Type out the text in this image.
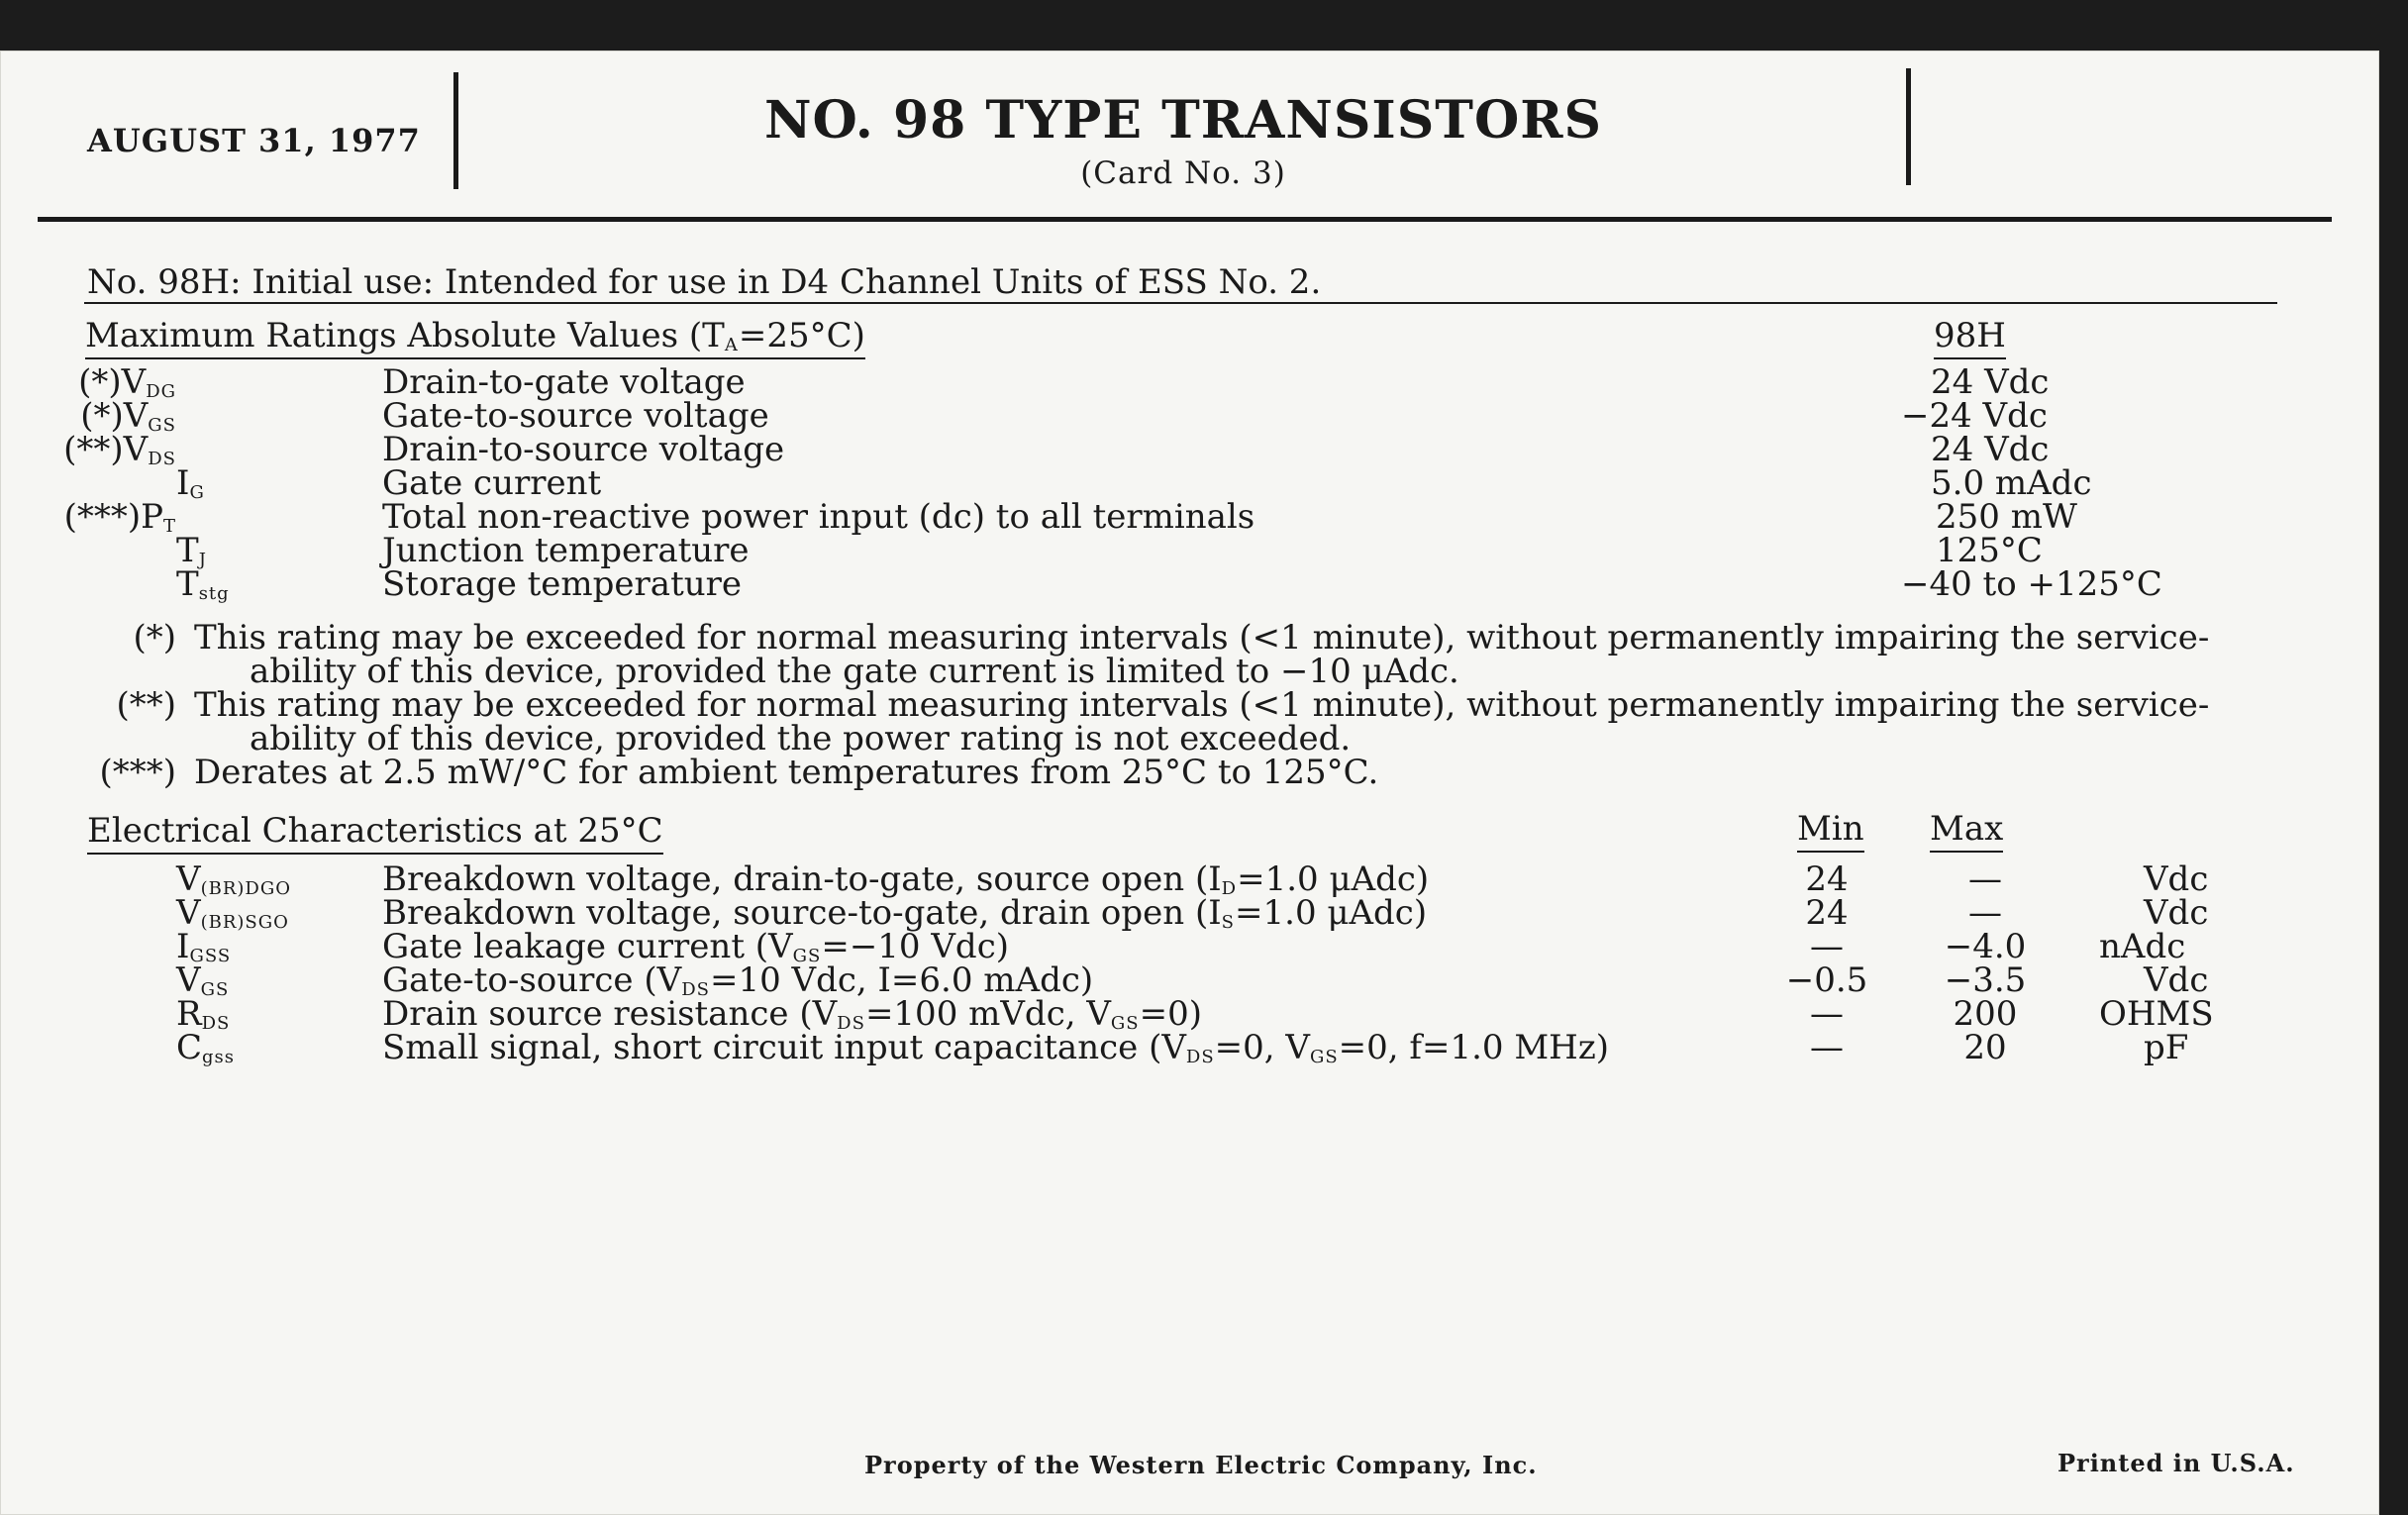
AUGUST 31, 1977	NO. 98 TYPE TRANSISTORS
(Card No. 3)
No. 98H: Initial use: Intended for use in D4 Channel Units of ESS No. 2.
Maximum Ratings Absolute Values $(T_A=25^\circ C)$	98H
$(*)V_{DG}$	Drain-to-gate voltage	24 Vdc
$(*)V_{GS}$	Gate-to-source voltage	−24 Vdc
$(**)V_{DS}$	Drain-to-source voltage	24 Vdc
$I_G$	Gate current	5.0 mAdc
$(***)P_T$	Total non-reactive power input (dc) to all terminals	250 mW
$T_J$	Junction temperature	125°C
$T_{stg}$	Storage temperature	−40 to +125°C
(*) This rating may be exceeded for normal measuring intervals (<1 minute), without permanently impairing the service-
ability of this device, provided the gate current is limited to −10 μAdc.
(**) This rating may be exceeded for normal measuring intervals (<1 minute), without permanently impairing the service-
ability of this device, provided the power rating is not exceeded.
(***) Derates at 2.5 mW/°C for ambient temperatures from 25°C to 125°C.
Electrical Characteristics at 25°C	Min Max
$V_{(BR)DGO}$	Breakdown voltage, drain-to-gate, source open ($I_D=1.0$ μAdc)	24	—	Vdc
$V_{(BR)SGO}$	Breakdown voltage, source-to-gate, drain open ($I_S=1.0$ μAdc)	24	—	Vdc
$I_{GSS}$	Gate leakage current ($V_{GS}=-10$ Vdc)	—	−4.0	nAdc
$V_{GS}$	Gate-to-source ($V_{DS}=10$ Vdc, I=6.0 mAdc)	−0.5	−3.5	Vdc
$R_{DS}$	Drain source resistance ($V_{DS}=100$ mVdc, $V_{GS}=0$)	—	200	OHMS
$C_{gss}$	Small signal, short circuit input capacitance ($V_{DS}=0$, $V_{GS}=0$, f=1.0 MHz)	—	20	pF
Property of the Western Electric Company, Inc.	Printed in U.S.A.
